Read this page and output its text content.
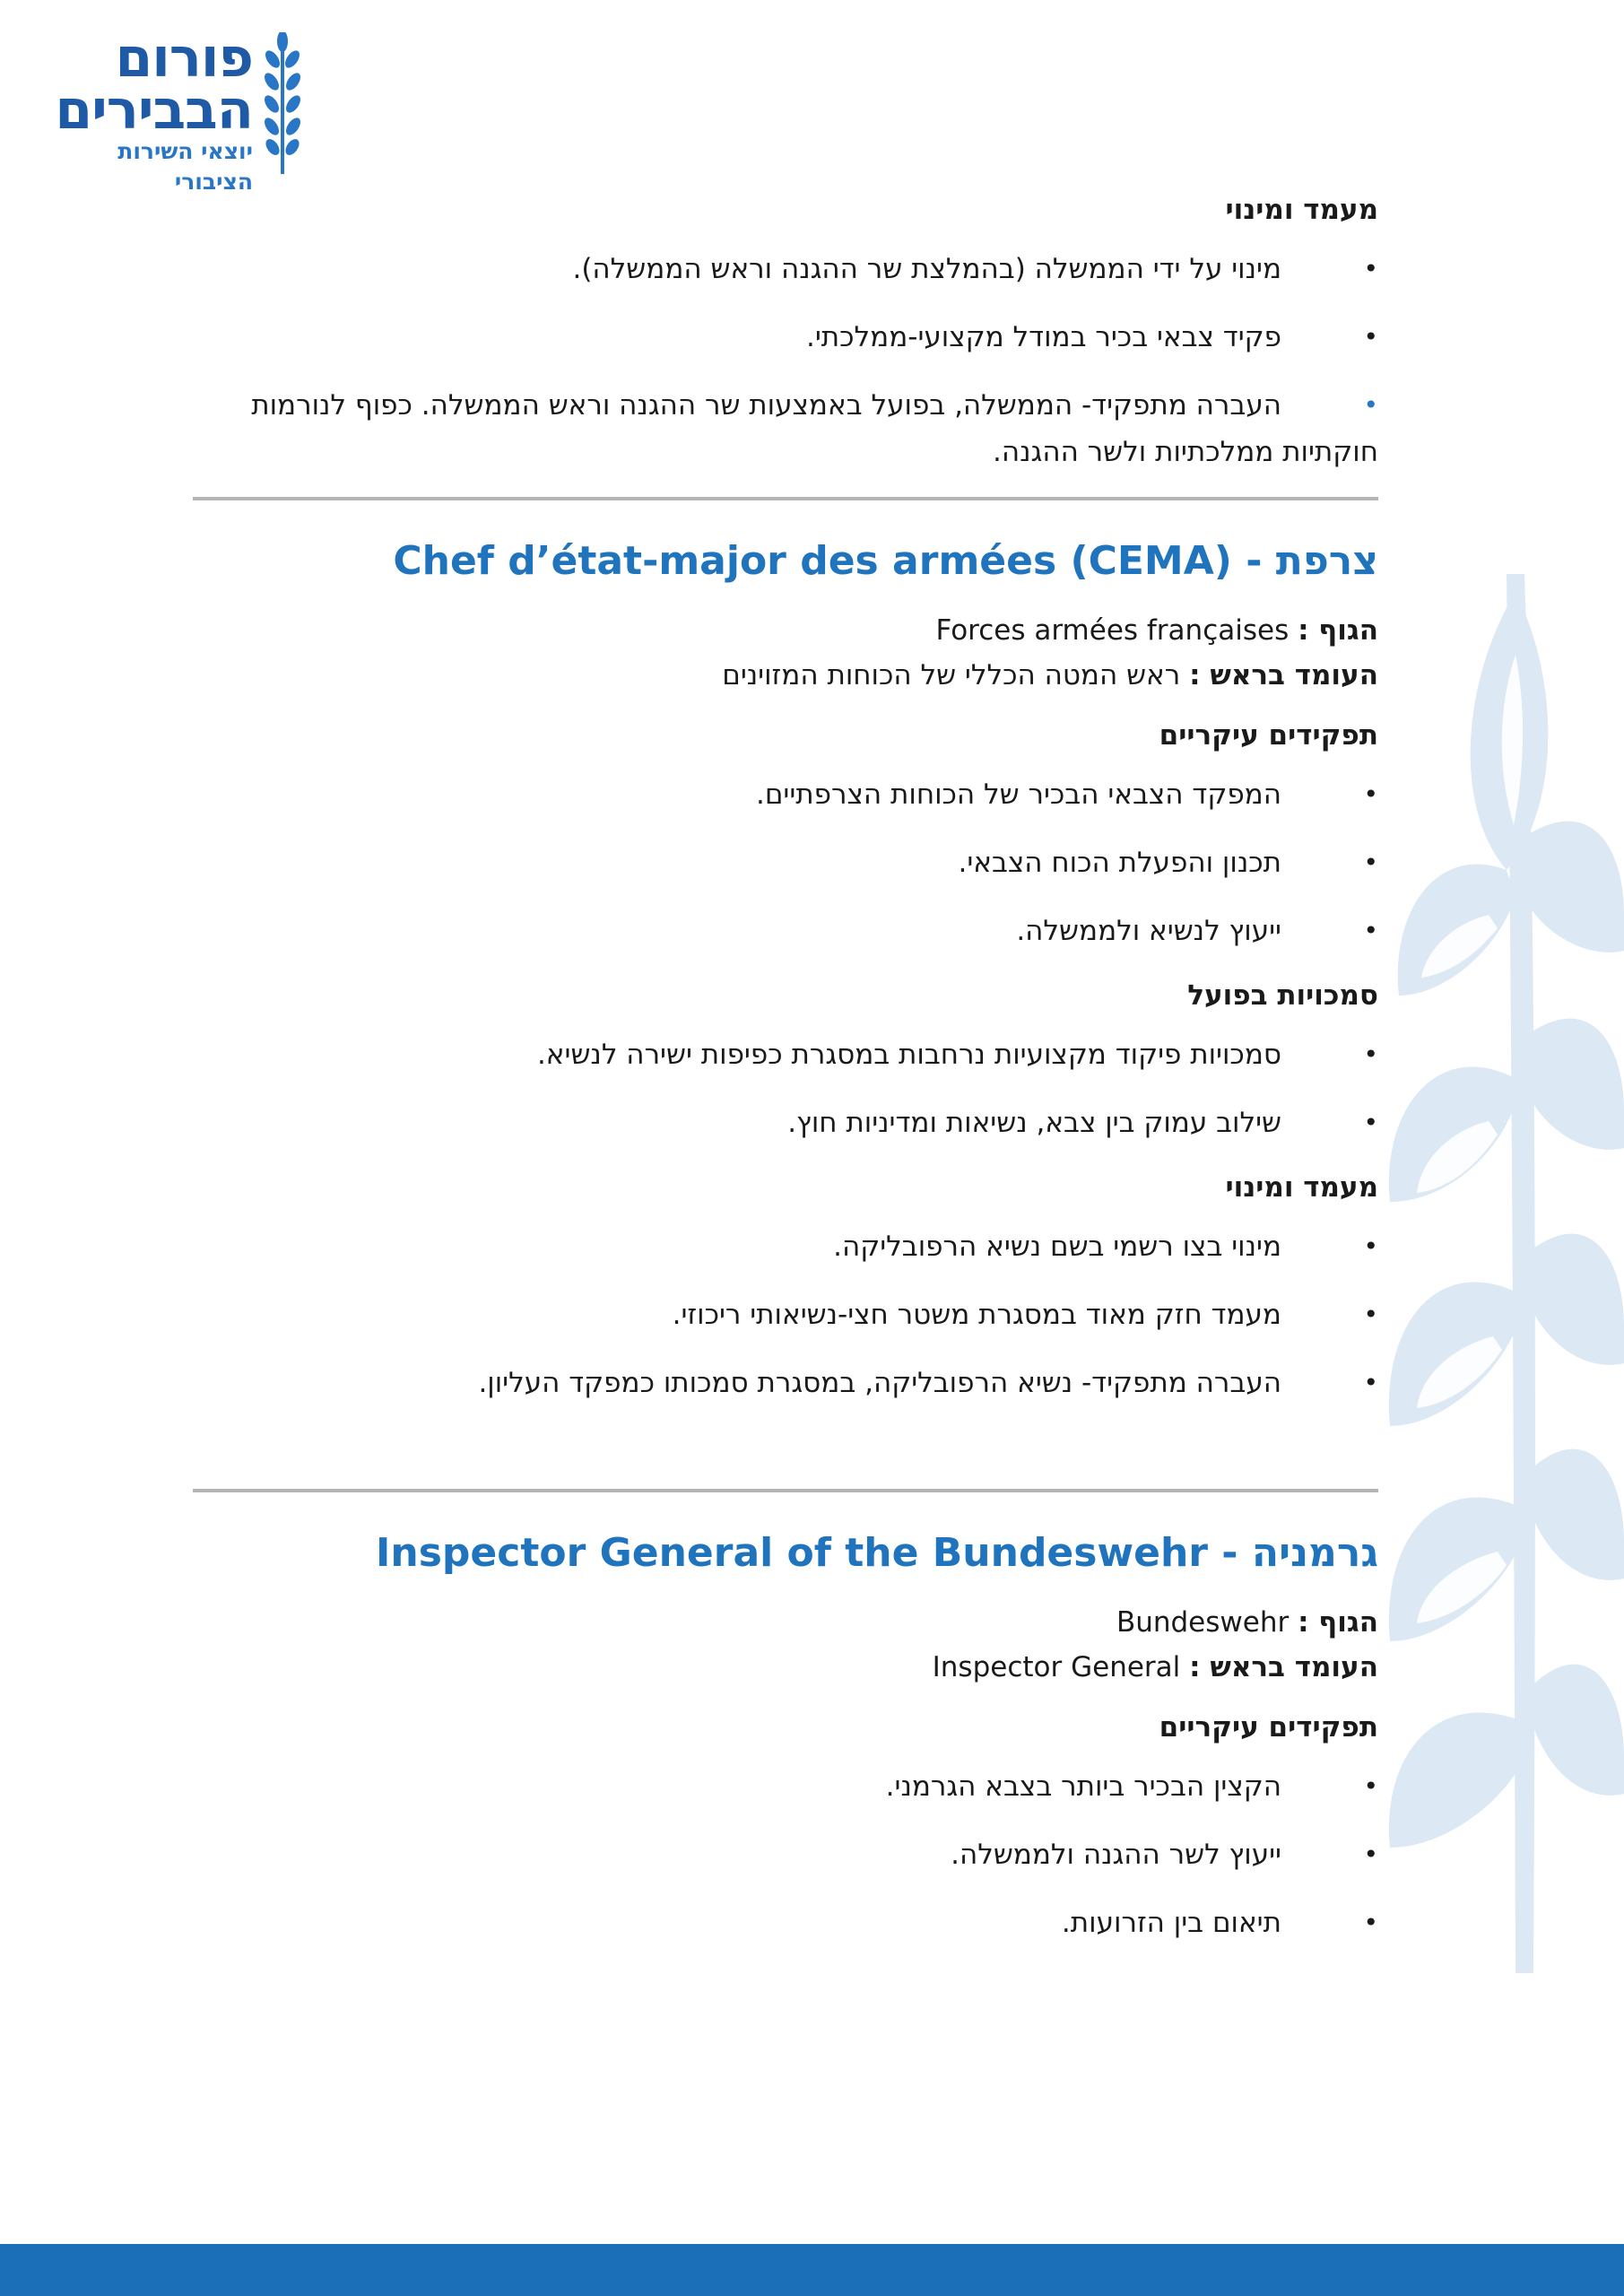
פורום
הבבירים
יוצאי השירות הציבורי
מעמד ומינוי
•
מינוי על ידי הממשלה (בהמלצת שר ההגנה וראש הממשלה).
•
פקיד צבאי בכיר במודל מקצועי-ממלכתי.
•
העברה מתפקיד- הממשלה, בפועל באמצעות שר ההגנה וראש הממשלה. כפוף לנורמות חוקתיות ממלכתיות ולשר ההגנה.
Chef d’état-major des armées (CEMA) - צרפת
הגוף : Forces armées françaises
העומד בראש : ראש המטה הכללי של הכוחות המזוינים
תפקידים עיקריים
•
המפקד הצבאי הבכיר של הכוחות הצרפתיים.
•
תכנון והפעלת הכוח הצבאי.
•
ייעוץ לנשיא ולממשלה.
סמכויות בפועל
•
סמכויות פיקוד מקצועיות נרחבות במסגרת כפיפות ישירה לנשיא.
•
שילוב עמוק בין צבא, נשיאות ומדיניות חוץ.
מעמד ומינוי
•
מינוי בצו רשמי בשם נשיא הרפובליקה.
•
מעמד חזק מאוד במסגרת משטר חצי-נשיאותי ריכוזי.
•
העברה מתפקיד- נשיא הרפובליקה, במסגרת סמכותו כמפקד העליון.
Inspector General of the Bundeswehr - גרמניה
הגוף : Bundeswehr
העומד בראש : Inspector General
תפקידים עיקריים
•
הקצין הבכיר ביותר בצבא הגרמני.
•
ייעוץ לשר ההגנה ולממשלה.
•
תיאום בין הזרועות.
